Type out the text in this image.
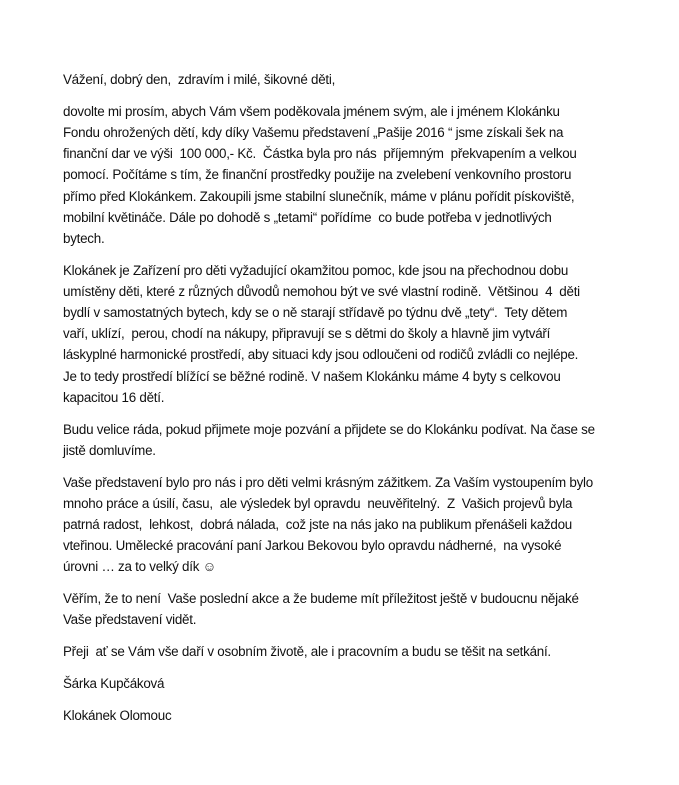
Vážení, dobrý den,  zdravím i milé, šikovné děti,
dovolte mi prosím, abych Vám všem poděkovala jménem svým, ale i jménem Klokánku
Fondu ohrožených dětí, kdy díky Vašemu představení „Pašije 2016 “ jsme získali šek na
finanční dar ve výši  100 000,- Kč.  Částka byla pro nás  příjemným  překvapením a velkou
pomocí. Počítáme s tím, že finanční prostředky použije na zvelebení venkovního prostoru
přímo před Klokánkem. Zakoupili jsme stabilní slunečník, máme v plánu pořídit pískoviště,
mobilní květináče. Dále po dohodě s „tetami“ pořídíme  co bude potřeba v jednotlivých
bytech.
Klokánek je Zařízení pro děti vyžadující okamžitou pomoc, kde jsou na přechodnou dobu
umístěny děti, které z různých důvodů nemohou být ve své vlastní rodině.  Většinou  4  děti
bydlí v samostatných bytech, kdy se o ně starají střídavě po týdnu dvě „tety“.  Tety dětem
vaří, uklízí,  perou, chodí na nákupy, připravují se s dětmi do školy a hlavně jim vytváří
láskyplné harmonické prostředí, aby situaci kdy jsou odloučeni od rodičů zvládli co nejlépe.
Je to tedy prostředí blížící se běžné rodině. V našem Klokánku máme 4 byty s celkovou
kapacitou 16 dětí.
Budu velice ráda, pokud přijmete moje pozvání a přijdete se do Klokánku podívat. Na čase se
jistě domluvíme.
Vaše představení bylo pro nás i pro děti velmi krásným zážitkem. Za Vaším vystoupením bylo
mnoho práce a úsilí, času,  ale výsledek byl opravdu  neuvěřitelný.  Z  Vašich projevů byla
patrná radost,  lehkost,  dobrá nálada,  což jste na nás jako na publikum přenášeli každou
vteřinou. Umělecké pracování paní Jarkou Bekovou bylo opravdu nádherné,  na vysoké
úrovni … za to velký dík ☺
Věřím, že to není  Vaše poslední akce a že budeme mít příležitost ještě v budoucnu nějaké
Vaše představení vidět.
Přeji  ať se Vám vše daří v osobním životě, ale i pracovním a budu se těšit na setkání.
Šárka Kupčáková
Klokánek Olomouc
